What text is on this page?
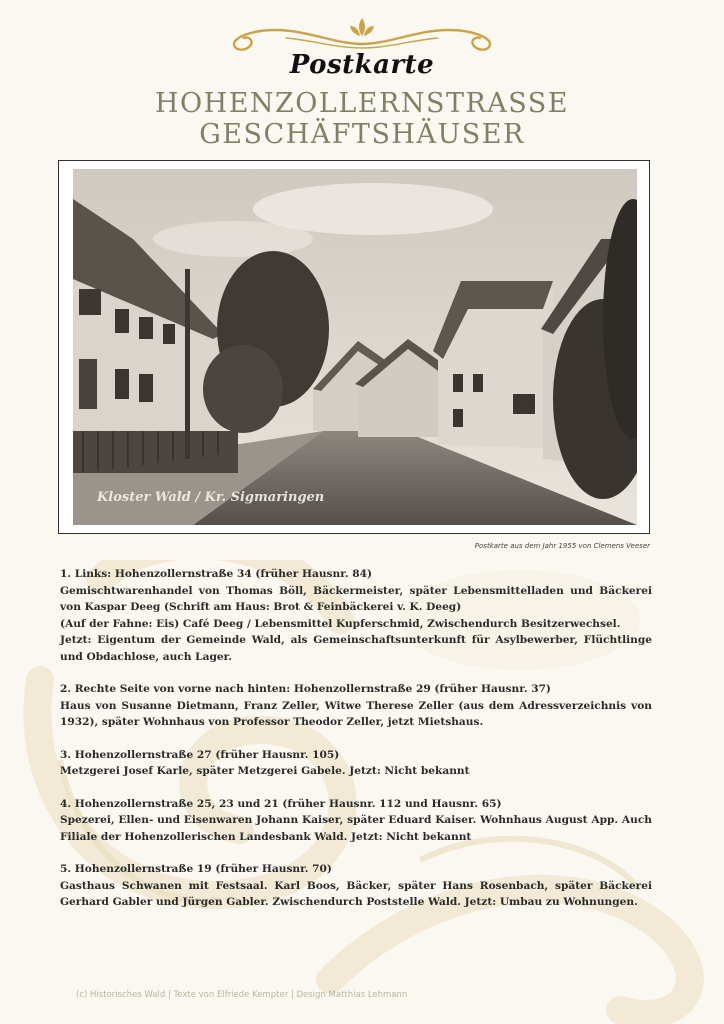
Postkarte
HOHENZOLLERNSTRASSE
GESCHÄFTSHÄUSER
Kloster Wald / Kr. Sigmaringen
Postkarte aus dem Jahr 1955 von Clemens Veeser

1. Links: Hohenzollernstraße 34 (früher Hausnr. 84)

Gemischtwarenhandel von Thomas Böll, Bäckermeister, später Lebensmittelladen und Bäckerei von Kaspar Deeg (Schrift am Haus: Brot & Feinbäckerei v. K. Deeg)

(Auf der Fahne: Eis) Café Deeg / Lebensmittel Kupferschmid, Zwischendurch Besitzerwechsel.

Jetzt: Eigentum der Gemeinde Wald, als Gemeinschaftsunterkunft für Asylbewerber, Flüchtlinge und Obdachlose, auch Lager.

2. Rechte Seite von vorne nach hinten: Hohenzollernstraße 29 (früher Hausnr. 37)

Haus von Susanne Dietmann, Franz Zeller, Witwe Therese Zeller (aus dem Adressverzeichnis von 1932), später Wohnhaus von Professor Theodor Zeller, jetzt Mietshaus.

3. Hohenzollernstraße 27 (früher Hausnr. 105)

Metzgerei Josef Karle, später Metzgerei Gabele. Jetzt: Nicht bekannt

4. Hohenzollernstraße 25, 23 und 21 (früher Hausnr. 112 und Hausnr. 65)

Spezerei, Ellen- und Eisenwaren Johann Kaiser, später Eduard Kaiser. Wohnhaus August App. Auch Filiale der Hohenzollerischen Landesbank Wald. Jetzt: Nicht bekannt

5. Hohenzollernstraße 19 (früher Hausnr. 70)

Gasthaus Schwanen mit Festsaal. Karl Boos, Bäcker, später Hans Rosenbach, später Bäckerei Gerhard Gabler und Jürgen Gabler. Zwischendurch Poststelle Wald. Jetzt: Umbau zu Wohnungen.

(c) Historisches Wald | Texte von Elfriede Kempter | Design Matthias Lehmann
